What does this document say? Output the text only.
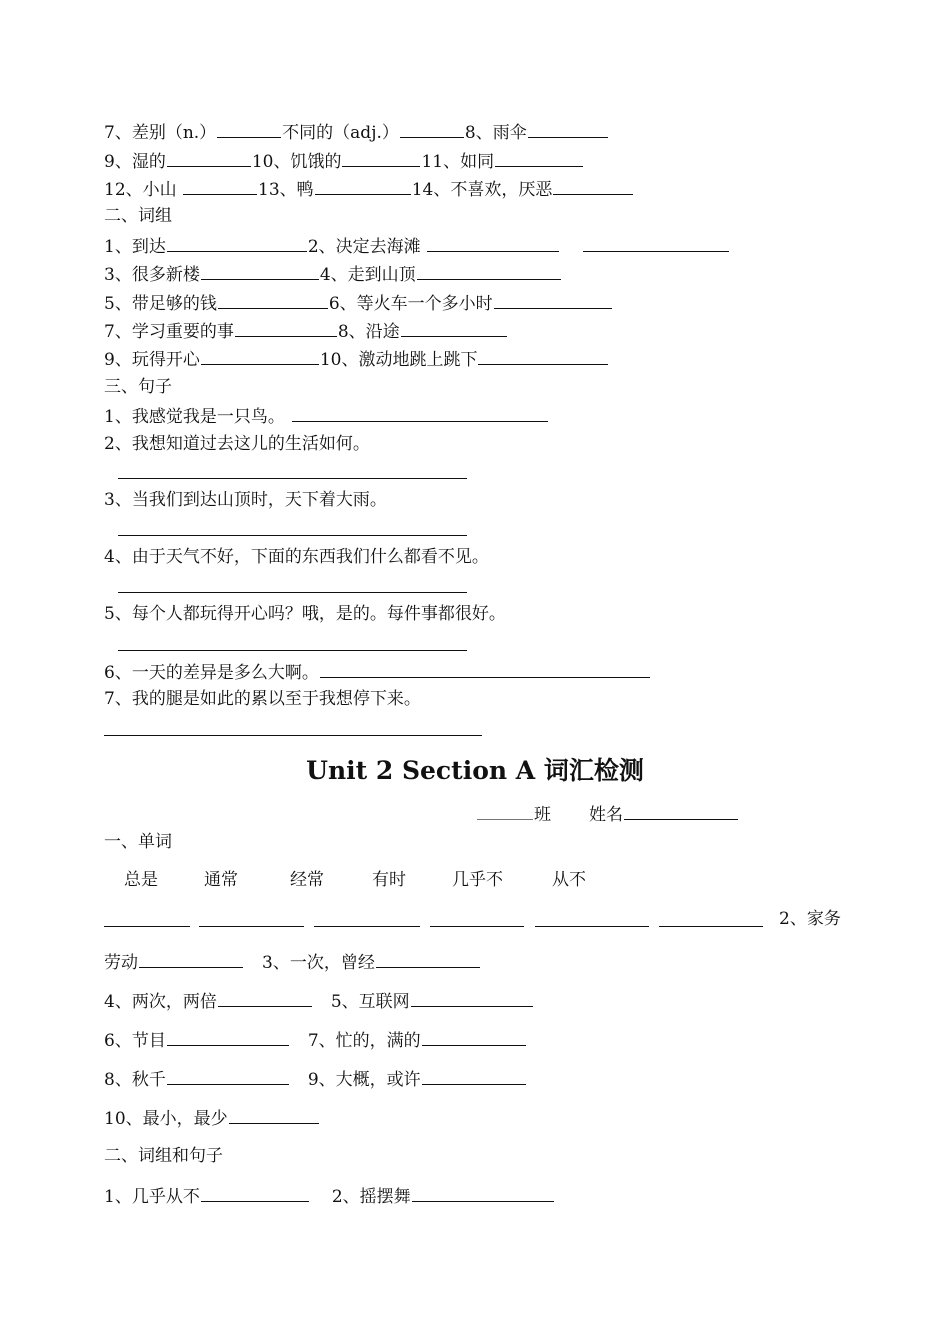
7、差别（n.）	不同的（adj.）	8、雨伞
9、湿的	10、饥饿的	11、如同
12、小山	13、鸭	14、不喜欢，厌恶
二、词组
1、到达	2、决定去海滩
3、很多新楼	4、走到山顶
5、带足够的钱	6、等火车一个多小时
7、学习重要的事	8、沿途
9、玩得开心	10、激动地跳上跳下
三、句子
1、我感觉我是一只鸟。
2、我想知道过去这儿的生活如何。
3、当我们到达山顶时，天下着大雨。
4、由于天气不好，下面的东西我们什么都看不见。
5、每个人都玩得开心吗？哦，是的。每件事都很好。
6、一天的差异是多么大啊。
7、我的腿是如此的累以至于我想停下来。
Unit 2 Section A 词汇检测
班 姓名
一、单词
总是	通常	经常	有时	几乎不	从不
2、家务
劳动	3、一次，曾经
4、两次，两倍	5、互联网
6、节目	7、忙的，满的
8、秋千	9、大概，或许
10、最小，最少
二、词组和句子
1、几乎从不	2、摇摆舞
